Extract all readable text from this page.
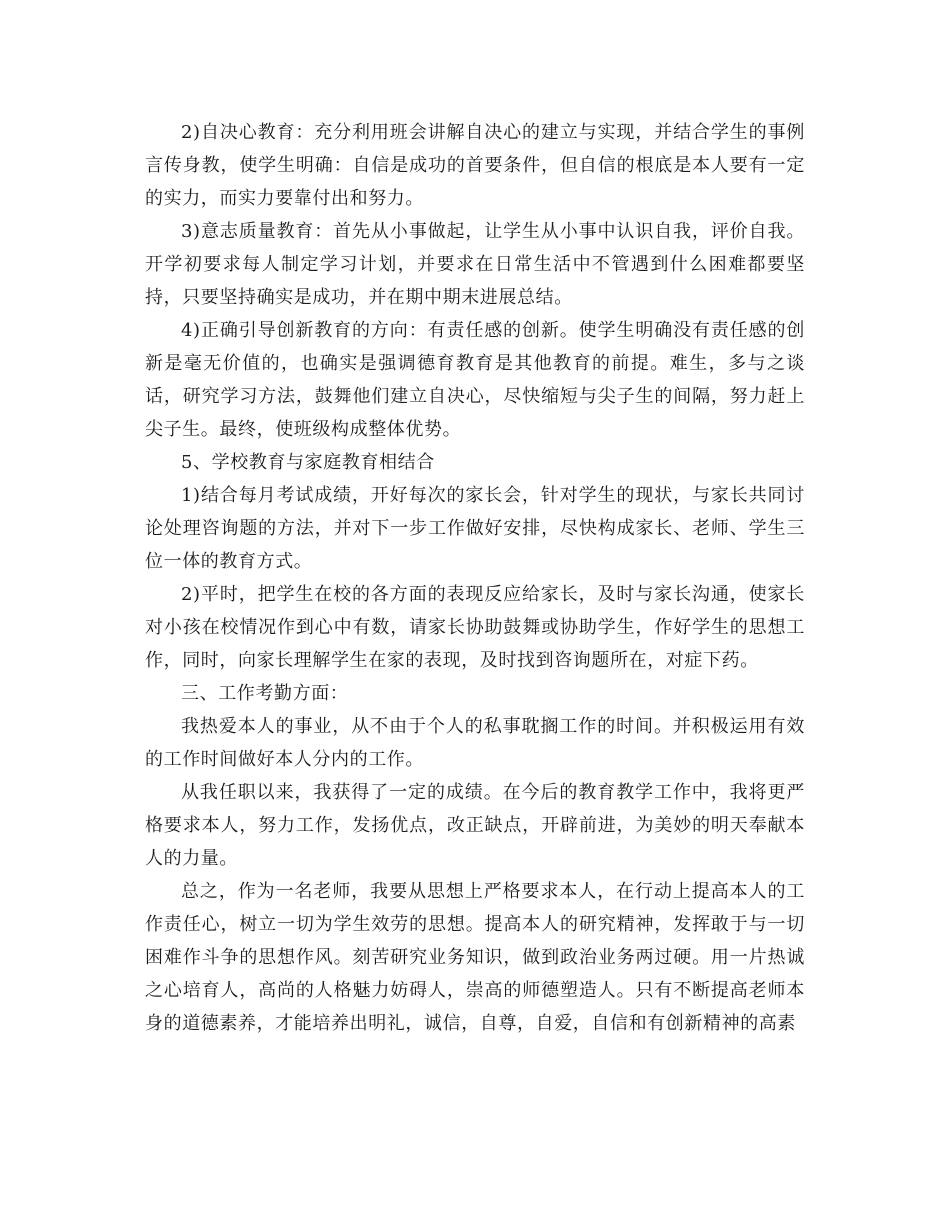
2)自决心教育：充分利用班会讲解自决心的建立与实现，并结合学生的事例言传身教，使学生明确：自信是成功的首要条件，但自信的根底是本人要有一定的实力，而实力要靠付出和努力。

3)意志质量教育：首先从小事做起，让学生从小事中认识自我，评价自我。开学初要求每人制定学习计划，并要求在日常生活中不管遇到什么困难都要坚持，只要坚持确实是成功，并在期中期末进展总结。

4)正确引导创新教育的方向：有责任感的创新。使学生明确没有责任感的创新是毫无价值的，也确实是强调德育教育是其他教育的前提。难生，多与之谈话，研究学习方法，鼓舞他们建立自决心，尽快缩短与尖子生的间隔，努力赶上尖子生。最终，使班级构成整体优势。

5、学校教育与家庭教育相结合

1)结合每月考试成绩，开好每次的家长会，针对学生的现状，与家长共同讨论处理咨询题的方法，并对下一步工作做好安排，尽快构成家长、老师、学生三位一体的教育方式。

2)平时，把学生在校的各方面的表现反应给家长，及时与家长沟通，使家长对小孩在校情况作到心中有数，请家长协助鼓舞或协助学生，作好学生的思想工作，同时，向家长理解学生在家的表现，及时找到咨询题所在，对症下药。

三、工作考勤方面：

我热爱本人的事业，从不由于个人的私事耽搁工作的时间。并积极运用有效的工作时间做好本人分内的工作。

从我任职以来，我获得了一定的成绩。在今后的教育教学工作中，我将更严格要求本人，努力工作，发扬优点，改正缺点，开辟前进，为美妙的明天奉献本人的力量。

总之，作为一名老师，我要从思想上严格要求本人，在行动上提高本人的工作责任心，树立一切为学生效劳的思想。提高本人的研究精神，发挥敢于与一切困难作斗争的思想作风。刻苦研究业务知识，做到政治业务两过硬。用一片热诚之心培育人，高尚的人格魅力妨碍人，崇高的师德塑造人。只有不断提高老师本身的道德素养，才能培养出明礼，诚信，自尊，自爱，自信和有创新精神的高素
